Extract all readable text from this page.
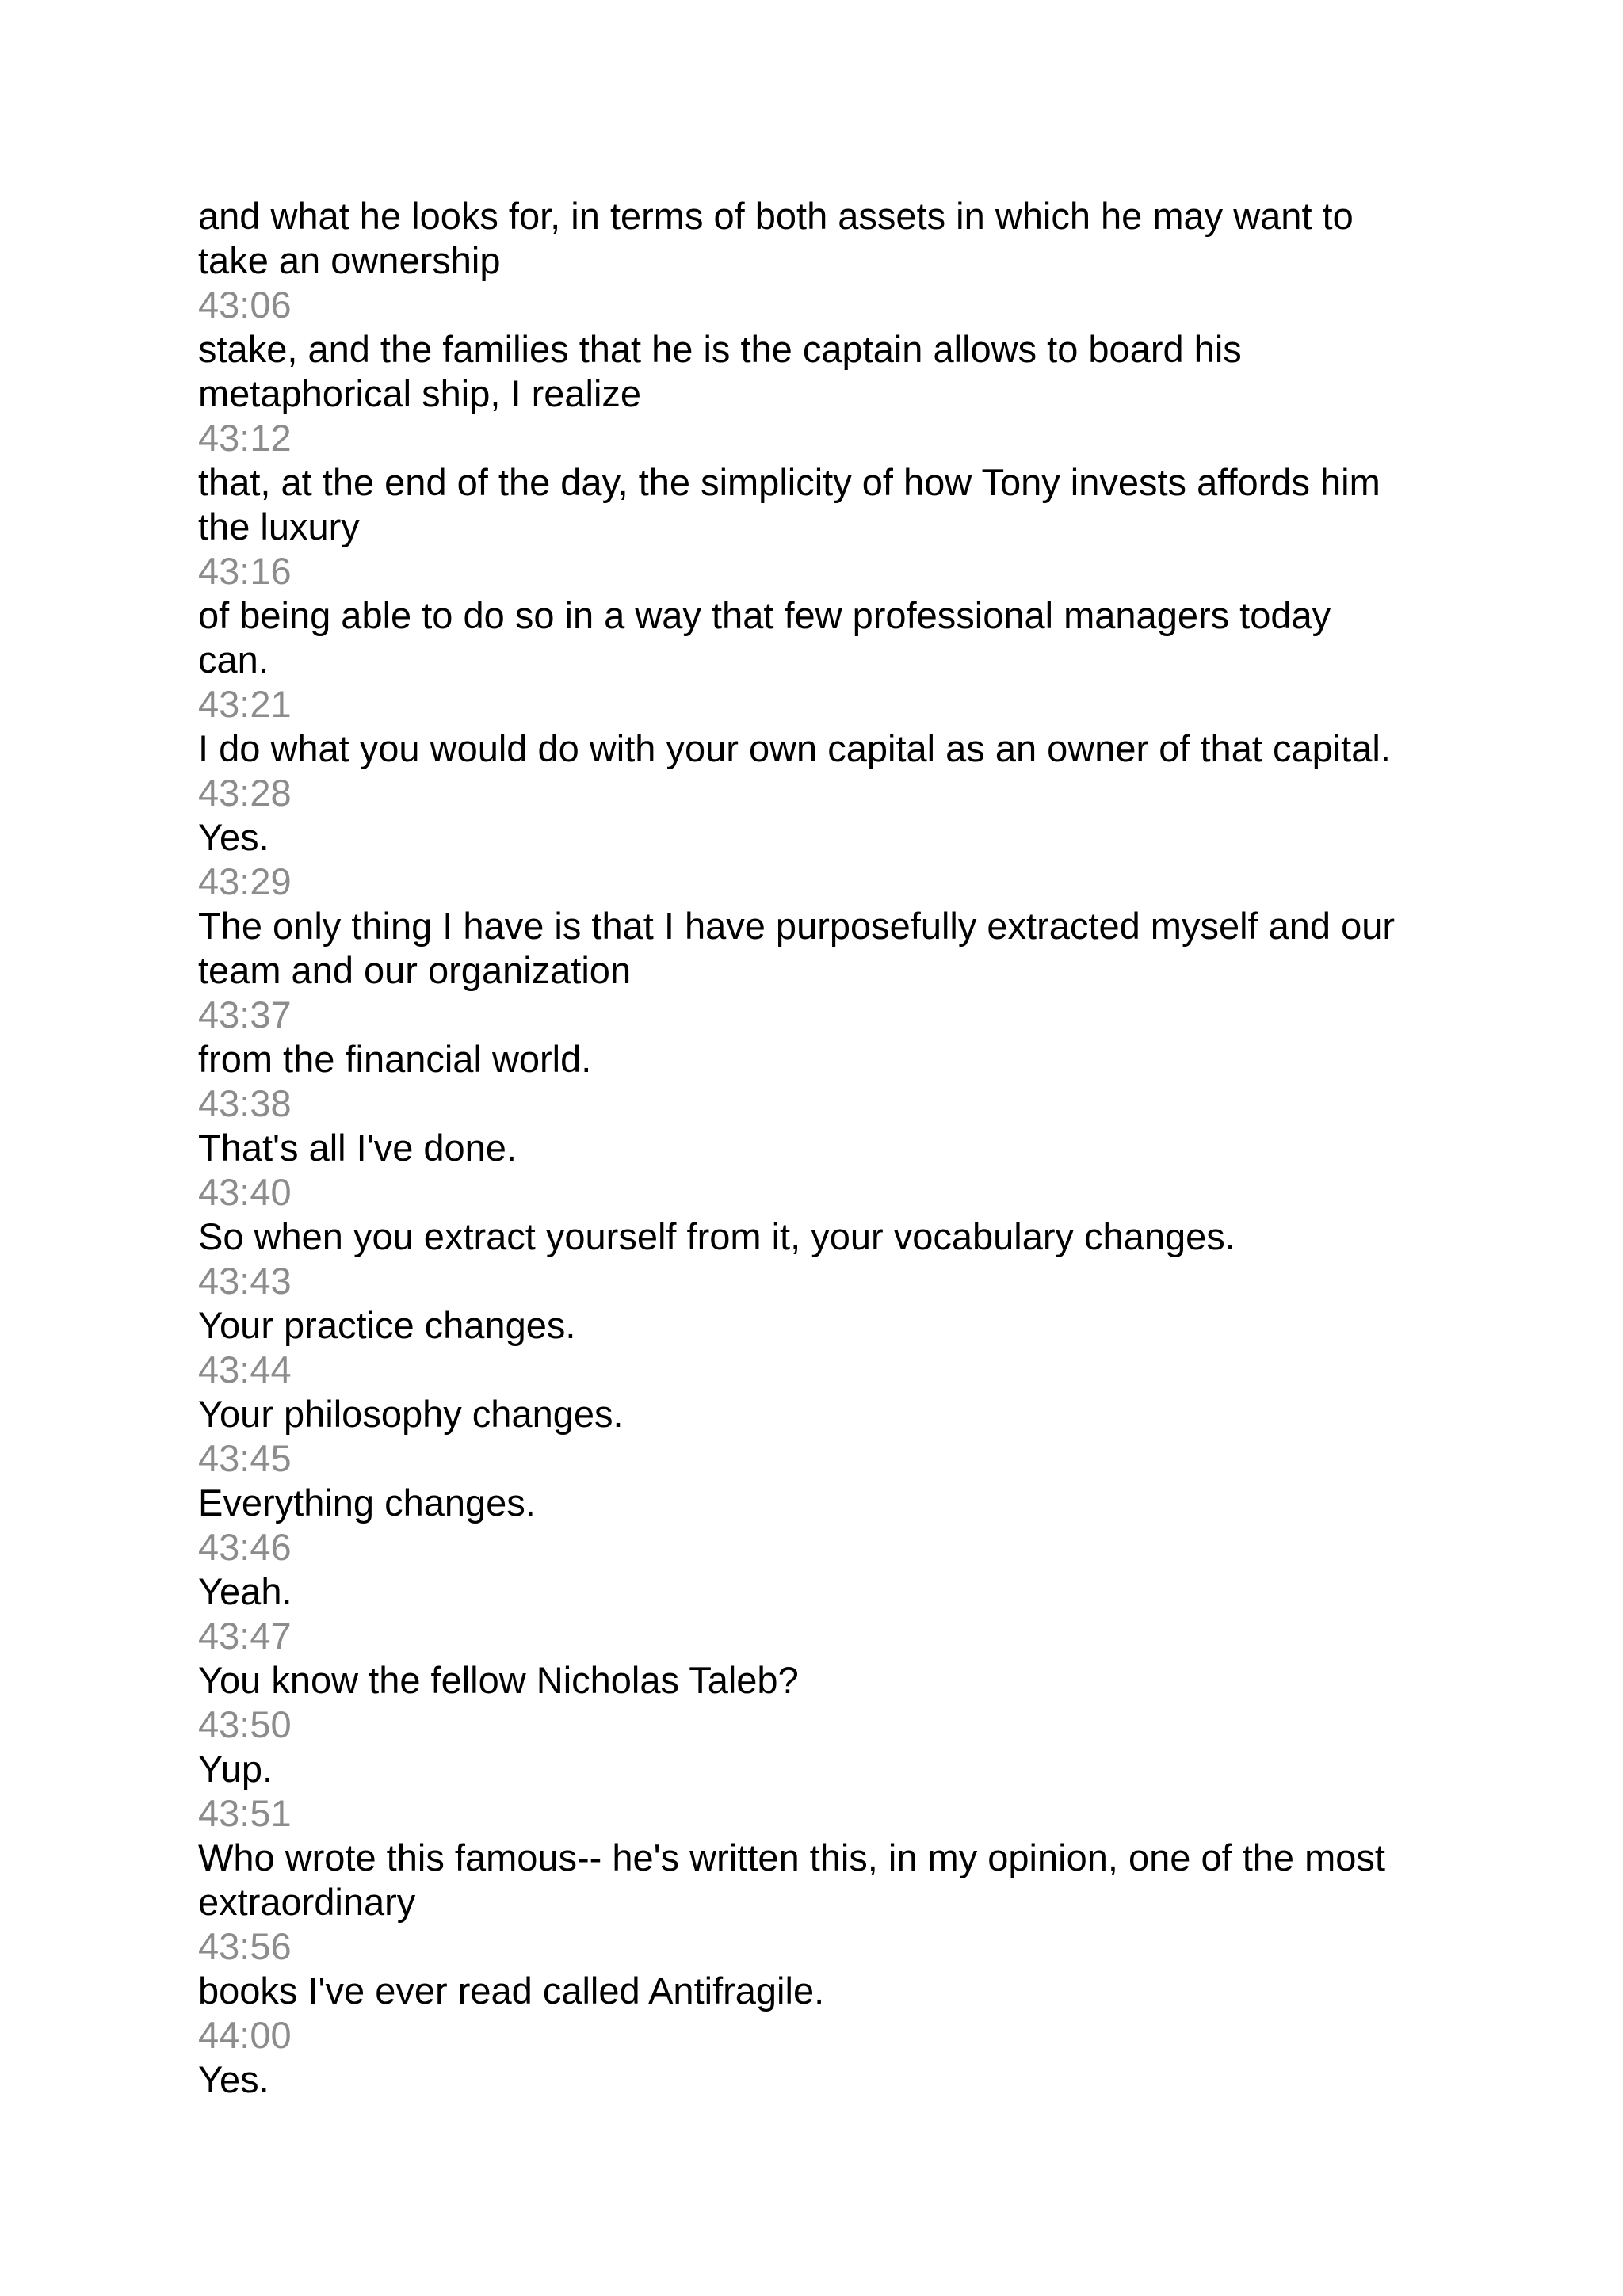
and what he looks for, in terms of both assets in which he may want to

take an ownership

43:06

stake, and the families that he is the captain allows to board his

metaphorical ship, I realize

43:12

that, at the end of the day, the simplicity of how Tony invests affords him

the luxury

43:16

of being able to do so in a way that few professional managers today

can.

43:21

I do what you would do with your own capital as an owner of that capital.

43:28

Yes.

43:29

The only thing I have is that I have purposefully extracted myself and our

team and our organization

43:37

from the financial world.

43:38

That's all I've done.

43:40

So when you extract yourself from it, your vocabulary changes.

43:43

Your practice changes.

43:44

Your philosophy changes.

43:45

Everything changes.

43:46

Yeah.

43:47

You know the fellow Nicholas Taleb?

43:50

Yup.

43:51

Who wrote this famous-- he's written this, in my opinion, one of the most

extraordinary

43:56

books I've ever read called Antifragile.

44:00

Yes.
